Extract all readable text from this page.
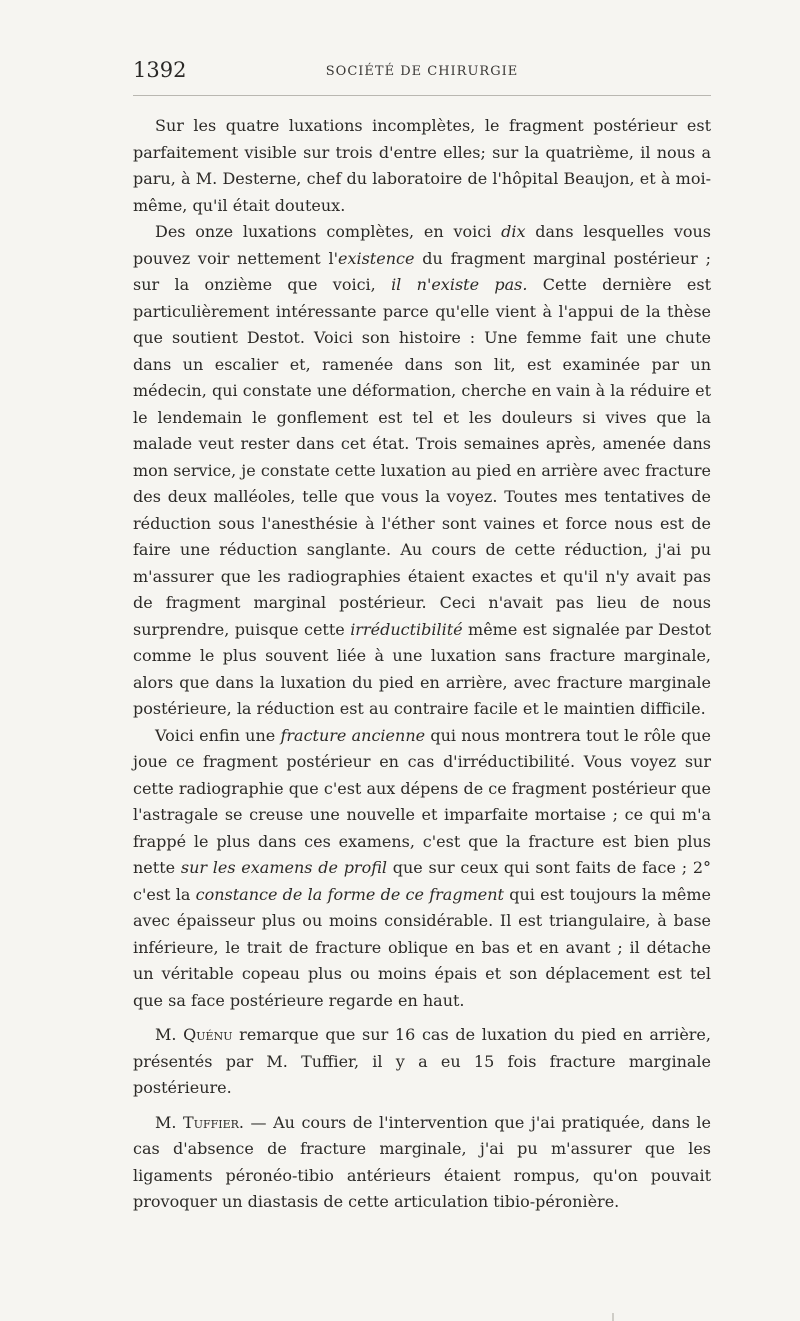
1392	SOCIÉTÉ DE CHIRURGIE

Sur les quatre luxations incomplètes, le fragment postérieur est parfaitement visible sur trois d'entre elles; sur la quatrième, il nous a paru, à M. Desterne, chef du laboratoire de l'hôpital Beaujon, et à moi-même, qu'il était douteux.

Des onze luxations complètes, en voici dix dans lesquelles vous pouvez voir nettement l'existence du fragment marginal postérieur ; sur la onzième que voici, il n'existe pas. Cette dernière est particulièrement intéressante parce qu'elle vient à l'appui de la thèse que soutient Destot. Voici son histoire : Une femme fait une chute dans un escalier et, ramenée dans son lit, est examinée par un médecin, qui constate une déformation, cherche en vain à la réduire et le lendemain le gonflement est tel et les douleurs si vives que la malade veut rester dans cet état. Trois semaines après, amenée dans mon service, je constate cette luxation au pied en arrière avec fracture des deux malléoles, telle que vous la voyez. Toutes mes tentatives de réduction sous l'anesthésie à l'éther sont vaines et force nous est de faire une réduction sanglante. Au cours de cette réduction, j'ai pu m'assurer que les radiographies étaient exactes et qu'il n'y avait pas de fragment marginal postérieur. Ceci n'avait pas lieu de nous surprendre, puisque cette irréductibilité même est signalée par Destot comme le plus souvent liée à une luxation sans fracture marginale, alors que dans la luxation du pied en arrière, avec fracture marginale postérieure, la réduction est au contraire facile et le maintien difficile.

Voici enfin une fracture ancienne qui nous montrera tout le rôle que joue ce fragment postérieur en cas d'irréductibilité. Vous voyez sur cette radiographie que c'est aux dépens de ce fragment postérieur que l'astragale se creuse une nouvelle et imparfaite mortaise ; ce qui m'a frappé le plus dans ces examens, c'est que la fracture est bien plus nette sur les examens de profil que sur ceux qui sont faits de face ; 2° c'est la constance de la forme de ce fragment qui est toujours la même avec épaisseur plus ou moins considérable. Il est triangulaire, à base inférieure, le trait de fracture oblique en bas et en avant ; il détache un véritable copeau plus ou moins épais et son déplacement est tel que sa face postérieure regarde en haut.

M. Quénu remarque que sur 16 cas de luxation du pied en arrière, présentés par M. Tuffier, il y a eu 15 fois fracture marginale postérieure.

M. Tuffier. — Au cours de l'intervention que j'ai pratiquée, dans le cas d'absence de fracture marginale, j'ai pu m'assurer que les ligaments péronéo-tibio antérieurs étaient rompus, qu'on pouvait provoquer un diastasis de cette articulation tibio-péronière.
